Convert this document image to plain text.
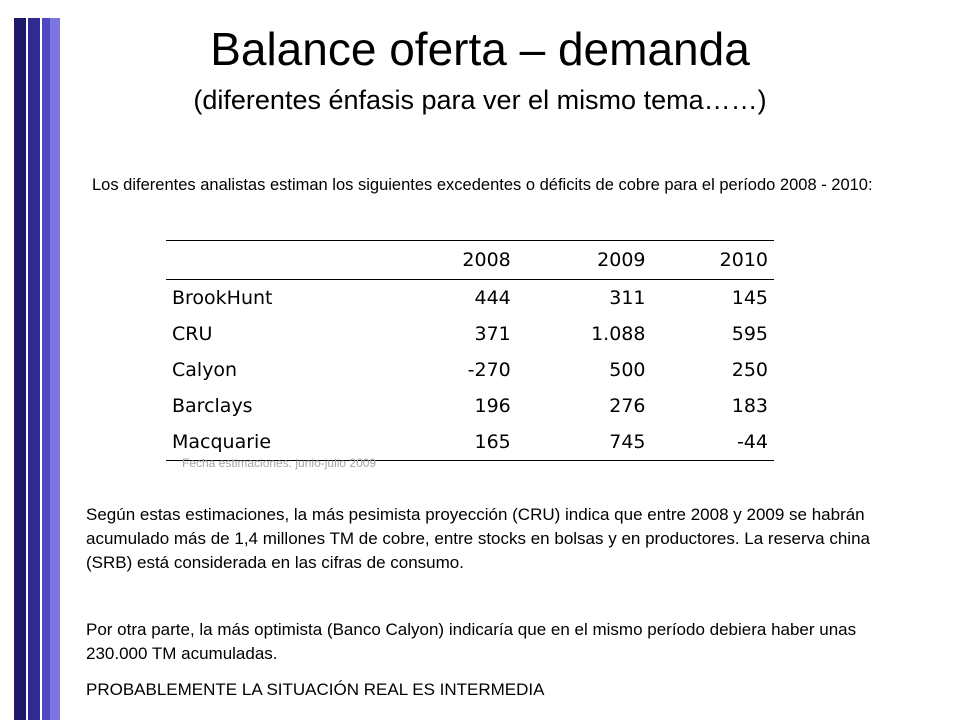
Balance oferta – demanda

(diferentes énfasis para ver el mismo tema……)

Los diferentes analistas estiman los siguientes excedentes o déficits de cobre para el período 2008 - 2010:

	2008	2009	2010
BrookHunt	444	311	145
CRU	371	1.088	595
Calyon	-270	500	250
Barclays	196	276	183
Macquarie	165	745	-44

Fecha estimaciones: junio-julio 2009

Según estas estimaciones, la más pesimista proyección (CRU) indica que entre 2008 y 2009 se habrán acumulado más de 1,4 millones TM de cobre, entre stocks en bolsas y en productores. La reserva china (SRB) está considerada en las cifras de consumo.

Por otra parte, la más optimista (Banco Calyon) indicaría que en el mismo período debiera haber unas 230.000 TM acumuladas.

PROBABLEMENTE LA SITUACIÓN REAL ES INTERMEDIA
